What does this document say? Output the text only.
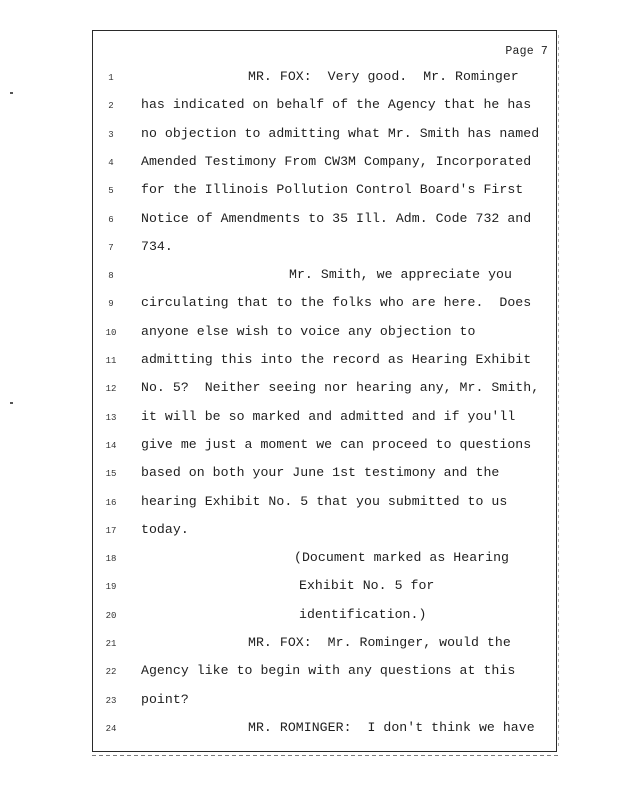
Page 7
1	MR. FOX:  Very good.  Mr. Rominger
2	has indicated on behalf of the Agency that he has
3	no objection to admitting what Mr. Smith has named
4	Amended Testimony From CW3M Company, Incorporated
5	for the Illinois Pollution Control Board's First
6	Notice of Amendments to 35 Ill. Adm. Code 732 and
7	734.
8	Mr. Smith, we appreciate you
9	circulating that to the folks who are here.  Does
10	anyone else wish to voice any objection to
11	admitting this into the record as Hearing Exhibit
12	No. 5?  Neither seeing nor hearing any, Mr. Smith,
13	it will be so marked and admitted and if you'll
14	give me just a moment we can proceed to questions
15	based on both your June 1st testimony and the
16	hearing Exhibit No. 5 that you submitted to us
17	today.
18	(Document marked as Hearing
19	Exhibit No. 5 for
20	identification.)
21	MR. FOX:  Mr. Rominger, would the
22	Agency like to begin with any questions at this
23	point?
24	MR. ROMINGER:  I don't think we have
